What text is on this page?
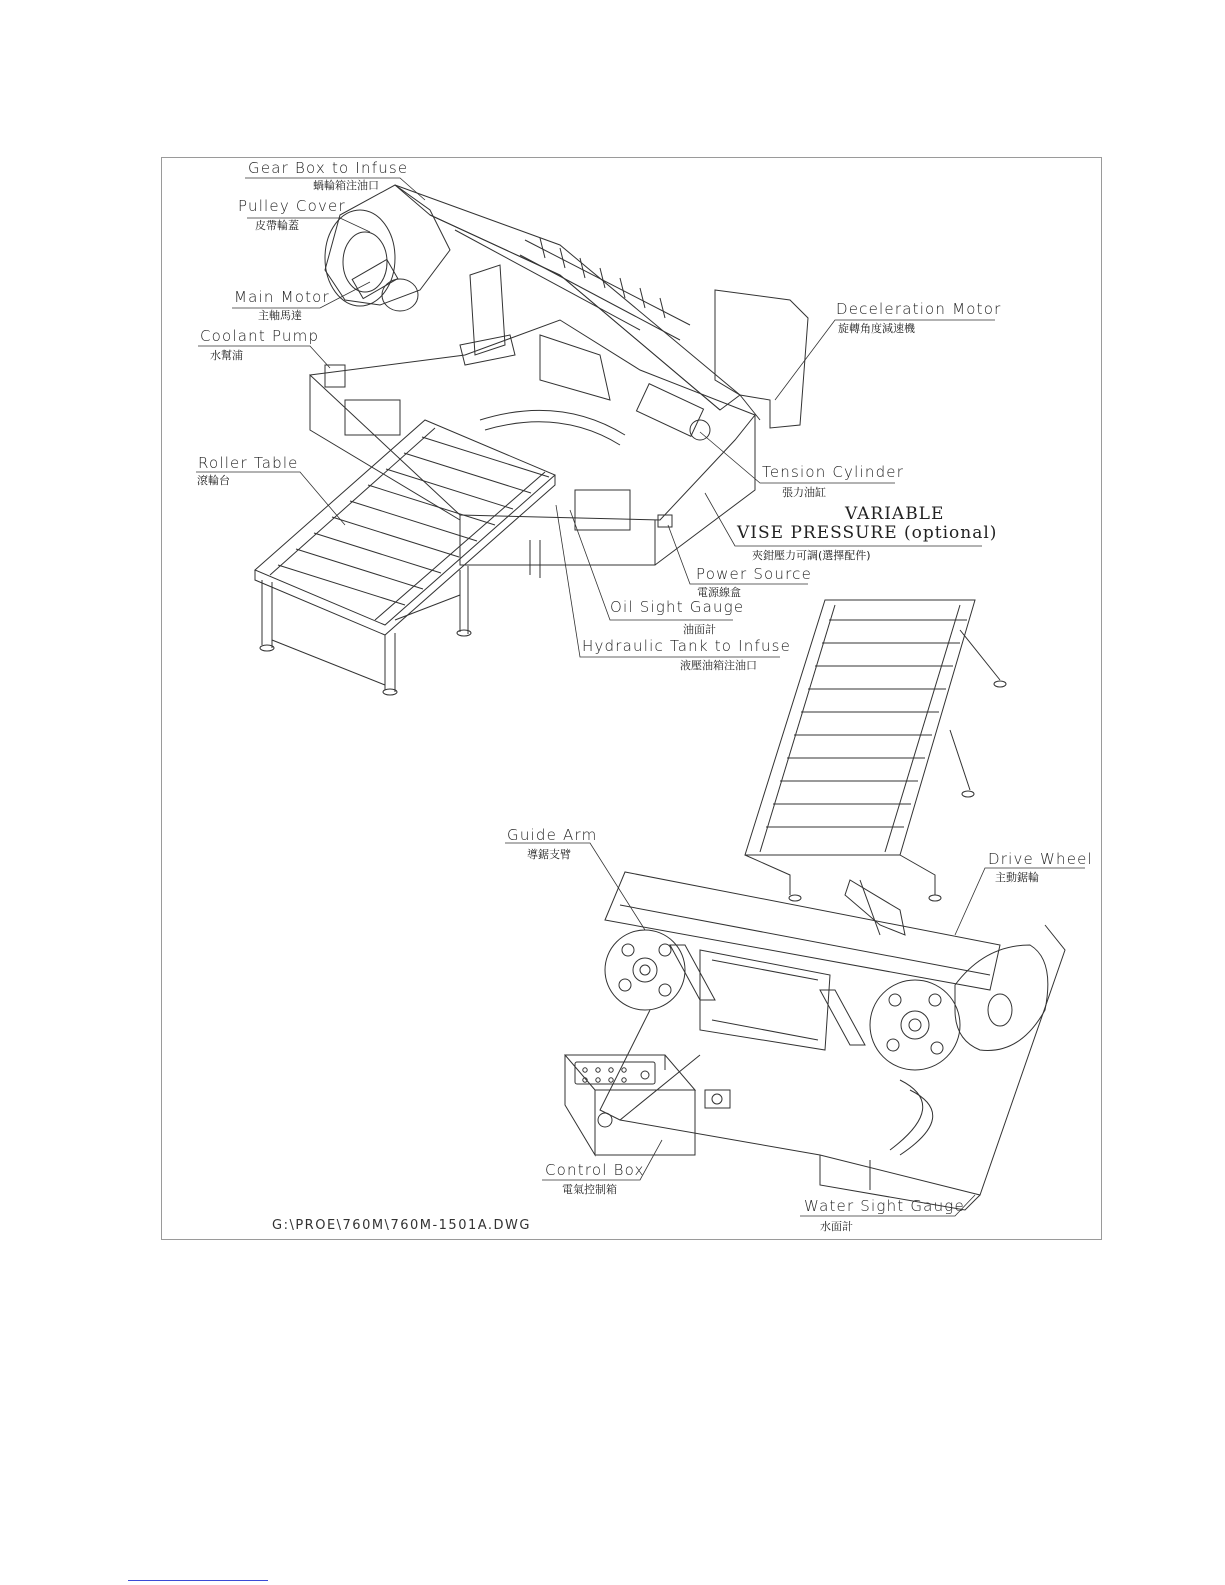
Gear Box to Infuse
蝸輪箱注油口
Pulley Cover
皮帶輪蓋
Main Motor
主軸馬達
Coolant Pump
水幫浦
Roller Table
滾輪台
Deceleration Motor
旋轉角度減速機
Tension Cylinder
張力油缸
VARIABLE
VISE PRESSURE (optional)
夾鉗壓力可調(選擇配件)
Power Source
電源線盒
Oil Sight Gauge
油面計
Hydraulic Tank to Infuse
液壓油箱注油口
Guide Arm
導鋸支臂	Drive Wheel
主動鋸輪
Control Box
電氣控制箱
Water Sight Gauge
水面計
G:\PROE\760M\760M-1501A.DWG
